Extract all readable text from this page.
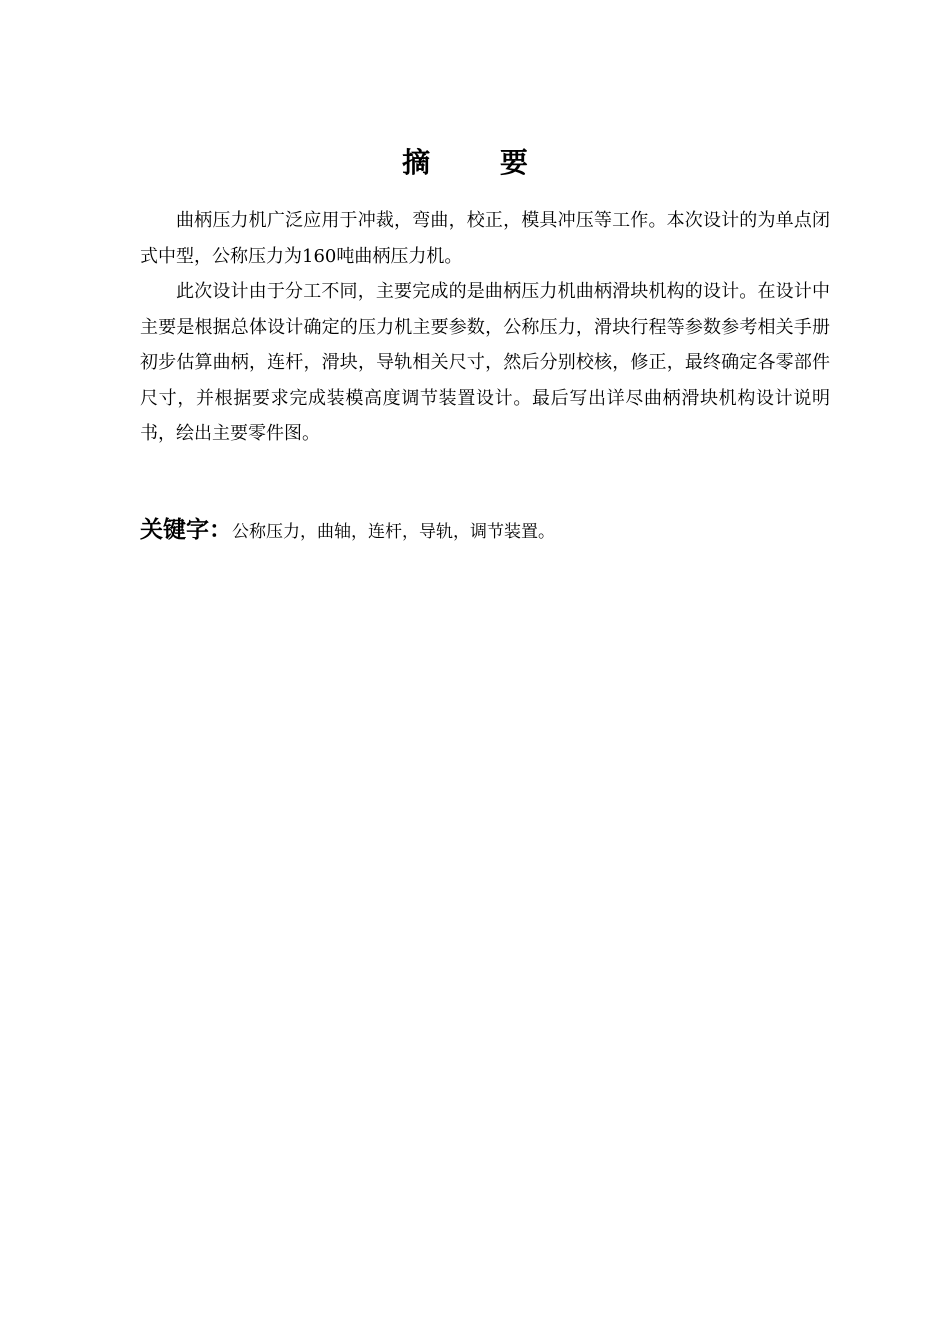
摘 要

曲柄压力机广泛应用于冲裁，弯曲，校正，模具冲压等工作。本次设计的为单点闭式中型，公称压力为160吨曲柄压力机。

此次设计由于分工不同，主要完成的是曲柄压力机曲柄滑块机构的设计。在设计中主要是根据总体设计确定的压力机主要参数，公称压力，滑块行程等参数参考相关手册初步估算曲柄，连杆，滑块，导轨相关尺寸，然后分别校核，修正，最终确定各零部件尺寸，并根据要求完成装模高度调节装置设计。最后写出详尽曲柄滑块机构设计说明书，绘出主要零件图。

关键字：公称压力，曲轴，连杆，导轨，调节装置。
